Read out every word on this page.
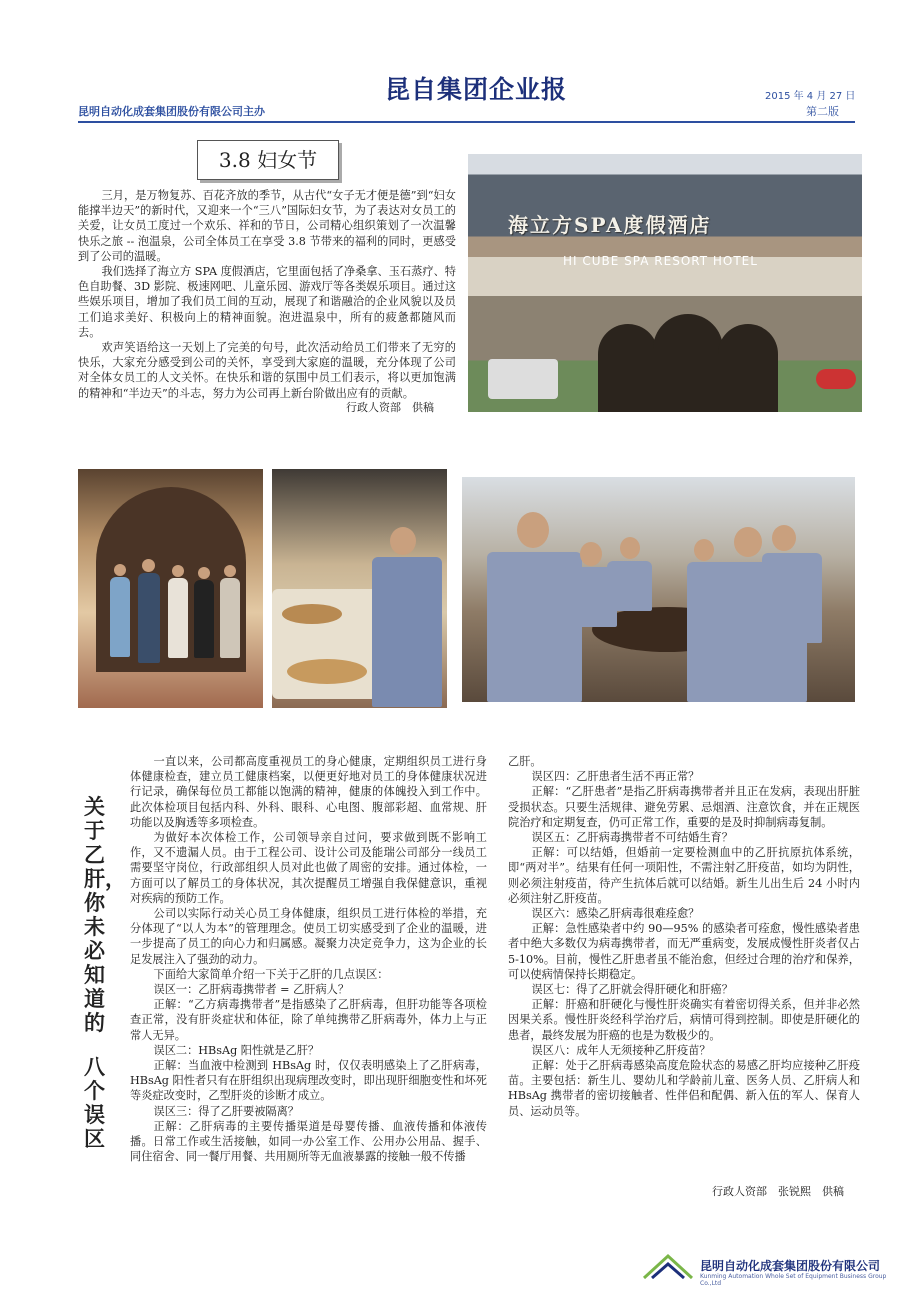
昆自集团企业报
昆明自动化成套集团股份有限公司主办
2015 年 4 月 27 日
第二版
3.8 妇女节

三月，是万物复苏、百花齐放的季节，从古代“女子无才便是德”到“妇女能撑半边天”的新时代，又迎来一个“三八”国际妇女节，为了表达对女员工的关爱，让女员工度过一个欢乐、祥和的节日，公司精心组织策划了一次温馨快乐之旅 -- 泡温泉，公司全体员工在享受 3.8 节带来的福利的同时，更感受到了公司的温暖。

我们选择了海立方 SPA 度假酒店，它里面包括了净桑拿、玉石蒸疗、特色自助餐、3D 影院、极速网吧、儿童乐园、游戏厅等各类娱乐项目。通过这些娱乐项目，增加了我们员工间的互动，展现了和谐融洽的企业风貌以及员工们追求美好、积极向上的精神面貌。泡进温泉中，所有的疲惫都随风而去。

欢声笑语给这一天划上了完美的句号，此次活动给员工们带来了无穷的快乐，大家充分感受到公司的关怀，享受到大家庭的温暖，充分体现了公司对全体女员工的人文关怀。在快乐和谐的氛围中员工们表示，将以更加饱满的精神和“半边天”的斗志，努力为公司再上新台阶做出应有的贡献。

行政人资部　供稿
海立方SPA度假酒店
HI CUBE SPA RESORT HOTEL
关于乙肝，
你未必知道的
八个误区

一直以来，公司都高度重视员工的身心健康，定期组织员工进行身体健康检查，建立员工健康档案，以便更好地对员工的身体健康状况进行记录，确保每位员工都能以饱满的精神，健康的体魄投入到工作中。此次体检项目包括内科、外科、眼科、心电图、腹部彩超、血常规、肝功能以及胸透等多项检查。

为做好本次体检工作，公司领导亲自过问，要求做到既不影响工作，又不遗漏人员。由于工程公司、设计公司及能瑞公司部分一线员工需要坚守岗位，行政部组织人员对此也做了周密的安排。通过体检，一方面可以了解员工的身体状况，其次提醒员工增强自我保健意识，重视对疾病的预防工作。

公司以实际行动关心员工身体健康，组织员工进行体检的举措，充分体现了“以人为本”的管理理念。使员工切实感受到了企业的温暖，进一步提高了员工的向心力和归属感。凝聚力决定竞争力，这为企业的长足发展注入了强劲的动力。

下面给大家简单介绍一下关于乙肝的几点误区：

误区一：乙肝病毒携带者 = 乙肝病人？

正解：“乙方病毒携带者”是指感染了乙肝病毒，但肝功能等各项检查正常，没有肝炎症状和体征，除了单纯携带乙肝病毒外，体力上与正常人无异。

误区二：HBsAg 阳性就是乙肝？

正解：当血液中检测到 HBsAg 时，仅仅表明感染上了乙肝病毒，HBsAg 阳性者只有在肝组织出现病理改变时，即出现肝细胞变性和坏死等炎症改变时，乙型肝炎的诊断才成立。

误区三：得了乙肝要被隔离？

正解：乙肝病毒的主要传播渠道是母婴传播、血液传播和体液传播。日常工作或生活接触，如同一办公室工作、公用办公用品、握手、同住宿舍、同一餐厅用餐、共用厕所等无血液暴露的接触一般不传播

乙肝。

误区四：乙肝患者生活不再正常？

正解：“乙肝患者”是指乙肝病毒携带者并且正在发病，表现出肝脏受损状态。只要生活规律、避免劳累、忌烟酒、注意饮食，并在正规医院治疗和定期复查，仍可正常工作，重要的是及时抑制病毒复制。

误区五：乙肝病毒携带者不可结婚生育？

正解：可以结婚，但婚前一定要检测血中的乙肝抗原抗体系统，即“两对半”。结果有任何一项阳性，不需注射乙肝疫苗，如均为阴性，则必须注射疫苗，待产生抗体后就可以结婚。新生儿出生后 24 小时内必须注射乙肝疫苗。

误区六：感染乙肝病毒很难痊愈？

正解：急性感染者中约 90—95% 的感染者可痊愈，慢性感染者患者中绝大多数仅为病毒携带者，而无严重病变，发展成慢性肝炎者仅占 5-10%。目前，慢性乙肝患者虽不能治愈，但经过合理的治疗和保养，可以使病情保持长期稳定。

误区七：得了乙肝就会得肝硬化和肝癌？

正解：肝癌和肝硬化与慢性肝炎确实有着密切得关系，但并非必然因果关系。慢性肝炎经科学治疗后，病情可得到控制。即使是肝硬化的患者，最终发展为肝癌的也是为数极少的。

误区八：成年人无须接种乙肝疫苗？

正解：处于乙肝病毒感染高度危险状态的易感乙肝均应接种乙肝疫苗。主要包括：新生儿、婴幼儿和学龄前儿童、医务人员、乙肝病人和 HBsAg 携带者的密切接触者、性伴侣和配偶、新入伍的军人、保育人员、运动员等。

行政人资部　张锐熙　供稿
昆明自动化成套集团股份有限公司
Kunming Automation Whole Set of Equipment Business Group Co.,Ltd
